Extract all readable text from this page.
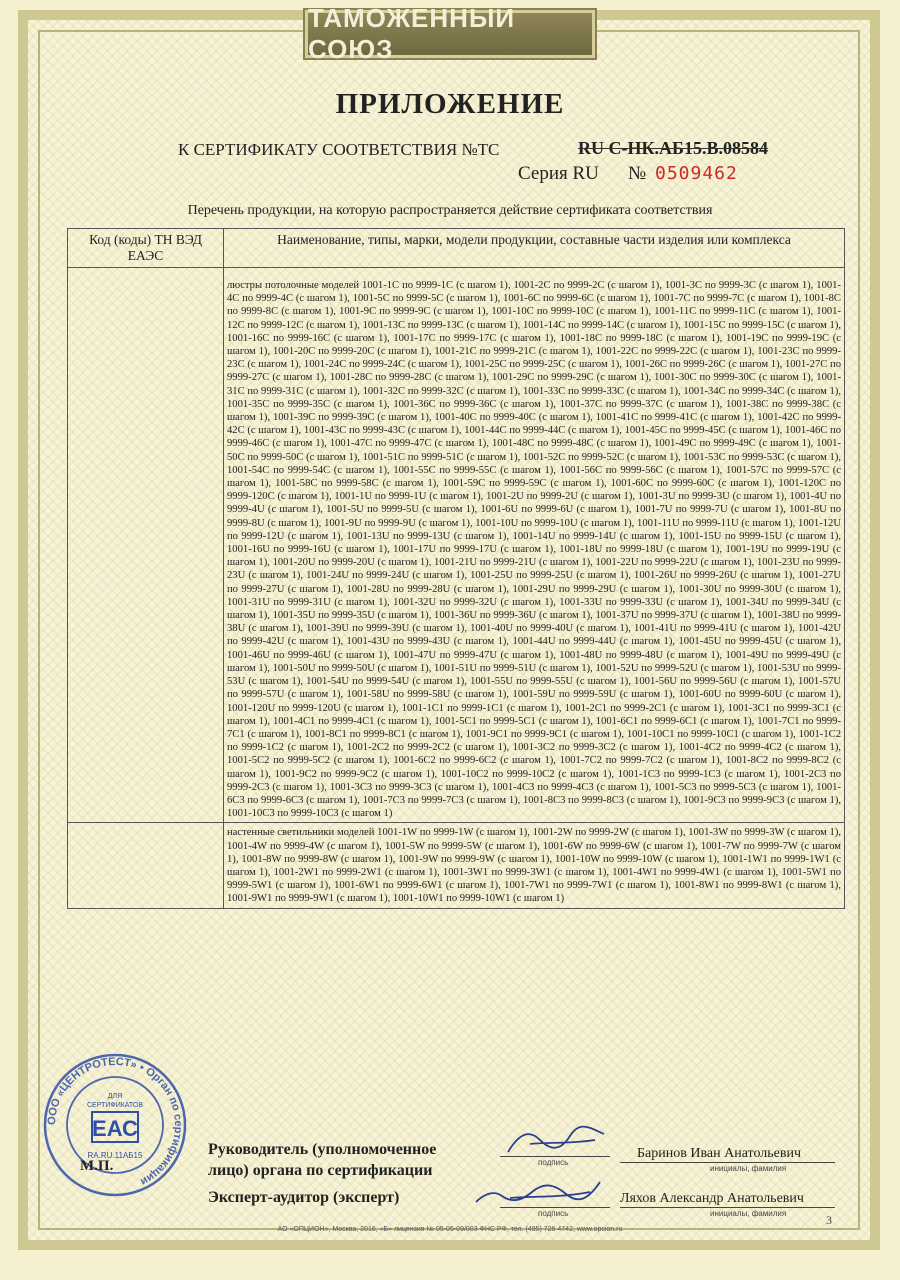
ТАМОЖЕННЫЙ СОЮЗ
ПРИЛОЖЕНИЕ
К СЕРТИФИКАТУ СООТВЕТСТВИЯ №ТС	RU С-НК.АБ15.В.08584
Серия RU № 0509462
Перечень продукции, на которую распространяется действие сертификата соответствия
Код (коды) ТН ВЭД ЕАЭС	Наименование, типы, марки, модели продукции, составные части изделия или комплекса

	люстры потолочные моделей 1001-1C по 9999-1C (с шагом 1), 1001-2C по 9999-2C (с шагом 1), 1001-3C по 9999-3C (с шагом 1), 1001-4C по 9999-4C (с шагом 1), 1001-5C по 9999-5C (с шагом 1), 1001-6C по 9999-6C (с шагом 1), 1001-7C по 9999-7C (с шагом 1), 1001-8C по 9999-8C (с шагом 1), 1001-9C по 9999-9C (с шагом 1), 1001-10C по 9999-10C (с шагом 1), 1001-11C по 9999-11C (с шагом 1), 1001-12C по 9999-12C (с шагом 1), 1001-13C по 9999-13C (с шагом 1), 1001-14C по 9999-14C (с шагом 1), 1001-15C по 9999-15C (с шагом 1), 1001-16C по 9999-16C (с шагом 1), 1001-17C по 9999-17C (с шагом 1), 1001-18C по 9999-18C (с шагом 1), 1001-19C по 9999-19C (с шагом 1), 1001-20C по 9999-20C (с шагом 1), 1001-21C по 9999-21C (с шагом 1), 1001-22C по 9999-22C (с шагом 1), 1001-23C по 9999-23C (с шагом 1), 1001-24C по 9999-24C (с шагом 1), 1001-25C по 9999-25C (с шагом 1), 1001-26C по 9999-26C (с шагом 1), 1001-27C по 9999-27C (с шагом 1), 1001-28C по 9999-28C (с шагом 1), 1001-29C по 9999-29C (с шагом 1), 1001-30C по 9999-30C (с шагом 1), 1001-31C по 9999-31C (с шагом 1), 1001-32C по 9999-32C (с шагом 1), 1001-33C по 9999-33C (с шагом 1), 1001-34C по 9999-34C (с шагом 1), 1001-35C по 9999-35C (с шагом 1), 1001-36C по 9999-36C (с шагом 1), 1001-37C по 9999-37C (с шагом 1), 1001-38C по 9999-38C (с шагом 1), 1001-39C по 9999-39C (с шагом 1), 1001-40C по 9999-40C (с шагом 1), 1001-41C по 9999-41C (с шагом 1), 1001-42C по 9999-42C (с шагом 1), 1001-43C по 9999-43C (с шагом 1), 1001-44C по 9999-44C (с шагом 1), 1001-45C по 9999-45C (с шагом 1), 1001-46C по 9999-46C (с шагом 1), 1001-47C по 9999-47C (с шагом 1), 1001-48C по 9999-48C (с шагом 1), 1001-49C по 9999-49C (с шагом 1), 1001-50C по 9999-50C (с шагом 1), 1001-51C по 9999-51C (с шагом 1), 1001-52C по 9999-52C (с шагом 1), 1001-53C по 9999-53C (с шагом 1), 1001-54C по 9999-54C (с шагом 1), 1001-55C по 9999-55C (с шагом 1), 1001-56C по 9999-56C (с шагом 1), 1001-57C по 9999-57C (с шагом 1), 1001-58C по 9999-58C (с шагом 1), 1001-59C по 9999-59C (с шагом 1), 1001-60C по 9999-60C (с шагом 1), 1001-120C по 9999-120C (с шагом 1), 1001-1U по 9999-1U (с шагом 1), 1001-2U по 9999-2U (с шагом 1), 1001-3U по 9999-3U (с шагом 1), 1001-4U по 9999-4U (с шагом 1), 1001-5U по 9999-5U (с шагом 1), 1001-6U по 9999-6U (с шагом 1), 1001-7U по 9999-7U (с шагом 1), 1001-8U по 9999-8U (с шагом 1), 1001-9U по 9999-9U (с шагом 1), 1001-10U по 9999-10U (с шагом 1), 1001-11U по 9999-11U (с шагом 1), 1001-12U по 9999-12U (с шагом 1), 1001-13U по 9999-13U (с шагом 1), 1001-14U по 9999-14U (с шагом 1), 1001-15U по 9999-15U (с шагом 1), 1001-16U по 9999-16U (с шагом 1), 1001-17U по 9999-17U (с шагом 1), 1001-18U по 9999-18U (с шагом 1), 1001-19U по 9999-19U (с шагом 1), 1001-20U по 9999-20U (с шагом 1), 1001-21U по 9999-21U (с шагом 1), 1001-22U по 9999-22U (с шагом 1), 1001-23U по 9999-23U (с шагом 1), 1001-24U по 9999-24U (с шагом 1), 1001-25U по 9999-25U (с шагом 1), 1001-26U по 9999-26U (с шагом 1), 1001-27U по 9999-27U (с шагом 1), 1001-28U по 9999-28U (с шагом 1), 1001-29U по 9999-29U (с шагом 1), 1001-30U по 9999-30U (с шагом 1), 1001-31U по 9999-31U (с шагом 1), 1001-32U по 9999-32U (с шагом 1), 1001-33U по 9999-33U (с шагом 1), 1001-34U по 9999-34U (с шагом 1), 1001-35U по 9999-35U (с шагом 1), 1001-36U по 9999-36U (с шагом 1), 1001-37U по 9999-37U (с шагом 1), 1001-38U по 9999-38U (с шагом 1), 1001-39U по 9999-39U (с шагом 1), 1001-40U по 9999-40U (с шагом 1), 1001-41U по 9999-41U (с шагом 1), 1001-42U по 9999-42U (с шагом 1), 1001-43U по 9999-43U (с шагом 1), 1001-44U по 9999-44U (с шагом 1), 1001-45U по 9999-45U (с шагом 1), 1001-46U по 9999-46U (с шагом 1), 1001-47U по 9999-47U (с шагом 1), 1001-48U по 9999-48U (с шагом 1), 1001-49U по 9999-49U (с шагом 1), 1001-50U по 9999-50U (с шагом 1), 1001-51U по 9999-51U (с шагом 1), 1001-52U по 9999-52U (с шагом 1), 1001-53U по 9999-53U (с шагом 1), 1001-54U по 9999-54U (с шагом 1), 1001-55U по 9999-55U (с шагом 1), 1001-56U по 9999-56U (с шагом 1), 1001-57U по 9999-57U (с шагом 1), 1001-58U по 9999-58U (с шагом 1), 1001-59U по 9999-59U (с шагом 1), 1001-60U по 9999-60U (с шагом 1), 1001-120U по 9999-120U (с шагом 1), 1001-1C1 по 9999-1C1 (с шагом 1), 1001-2C1 по 9999-2C1 (с шагом 1), 1001-3C1 по 9999-3C1 (с шагом 1), 1001-4C1 по 9999-4C1 (с шагом 1), 1001-5C1 по 9999-5C1 (с шагом 1), 1001-6C1 по 9999-6C1 (с шагом 1), 1001-7C1 по 9999-7C1 (с шагом 1), 1001-8C1 по 9999-8C1 (с шагом 1), 1001-9C1 по 9999-9C1 (с шагом 1), 1001-10C1 по 9999-10C1 (с шагом 1), 1001-1C2 по 9999-1C2 (с шагом 1), 1001-2C2 по 9999-2C2 (с шагом 1), 1001-3C2 по 9999-3C2 (с шагом 1), 1001-4C2 по 9999-4C2 (с шагом 1), 1001-5C2 по 9999-5C2 (с шагом 1), 1001-6C2 по 9999-6C2 (с шагом 1), 1001-7C2 по 9999-7C2 (с шагом 1), 1001-8C2 по 9999-8C2 (с шагом 1), 1001-9C2 по 9999-9C2 (с шагом 1), 1001-10C2 по 9999-10C2 (с шагом 1), 1001-1C3 по 9999-1C3 (с шагом 1), 1001-2C3 по 9999-2C3 (с шагом 1), 1001-3C3 по 9999-3C3 (с шагом 1), 1001-4C3 по 9999-4C3 (с шагом 1), 1001-5C3 по 9999-5C3 (с шагом 1), 1001-6C3 по 9999-6C3 (с шагом 1), 1001-7C3 по 9999-7C3 (с шагом 1), 1001-8C3 по 9999-8C3 (с шагом 1), 1001-9C3 по 9999-9C3 (с шагом 1), 1001-10C3 по 9999-10C3 (с шагом 1)

	настенные светильники моделей 1001-1W по 9999-1W (с шагом 1), 1001-2W по 9999-2W (с шагом 1), 1001-3W по 9999-3W (с шагом 1), 1001-4W по 9999-4W (с шагом 1), 1001-5W по 9999-5W (с шагом 1), 1001-6W по 9999-6W (с шагом 1), 1001-7W по 9999-7W (с шагом 1), 1001-8W по 9999-8W (с шагом 1), 1001-9W по 9999-9W (с шагом 1), 1001-10W по 9999-10W (с шагом 1), 1001-1W1 по 9999-1W1 (с шагом 1), 1001-2W1 по 9999-2W1 (с шагом 1), 1001-3W1 по 9999-3W1 (с шагом 1), 1001-4W1 по 9999-4W1 (с шагом 1), 1001-5W1 по 9999-5W1 (с шагом 1), 1001-6W1 по 9999-6W1 (с шагом 1), 1001-7W1 по 9999-7W1 (с шагом 1), 1001-8W1 по 9999-8W1 (с шагом 1), 1001-9W1 по 9999-9W1 (с шагом 1), 1001-10W1 по 9999-10W1 (с шагом 1)
ООО «ЦЕНТРОТЕСТ» • Орган по сертификации
ДЛЯ
СЕРТИФИКАТОВ
ЕАС
RA.RU.11АБ15
М.П.
Руководитель (уполномоченное
лицо) органа по сертификации
Эксперт-аудитор (эксперт)
подпись
Баринов Иван Анатольевич
инициалы, фамилия
подпись
Ляхов Александр Анатольевич
инициалы, фамилия	3
АО «ОПЦИОН», Москва, 2016, «Б» лицензия № 05-05-09/003 ФНС РФ, тел. (495) 726 4742, www.opcion.ru
